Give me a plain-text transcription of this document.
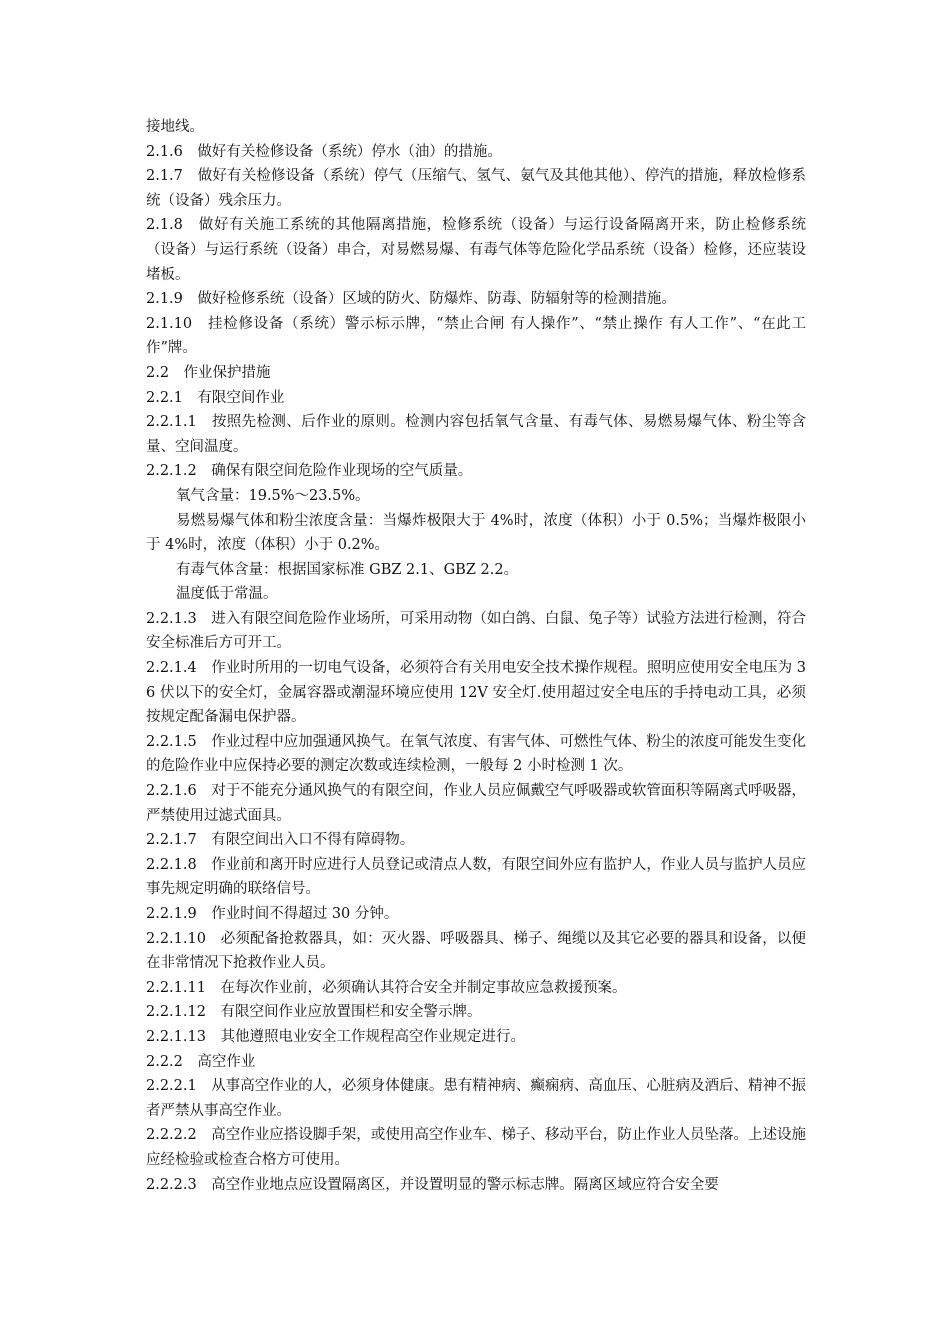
接地线。

2.1.6　做好有关检修设备（系统）停水（油）的措施。

2.1.7　做好有关检修设备（系统）停气（压缩气、氢气、氨气及其他其他）、停汽的措施，释放检修系统（设备）残余压力。

2.1.8　做好有关施工系统的其他隔离措施，检修系统（设备）与运行设备隔离开来，防止检修系统（设备）与运行系统（设备）串合，对易燃易爆、有毒气体等危险化学品系统（设备）检修，还应装设堵板。

2.1.9　做好检修系统（设备）区域的防火、防爆炸、防毒、防辐射等的检测措施。

2.1.10　挂检修设备（系统）警示标示牌，“禁止合闸 有人操作”、“禁止操作 有人工作”、“在此工作”牌。

2.2　作业保护措施

2.2.1　有限空间作业

2.2.1.1　按照先检测、后作业的原则。检测内容包括氧气含量、有毒气体、易燃易爆气体、粉尘等含量、空间温度。

2.2.1.2　确保有限空间危险作业现场的空气质量。

氧气含量：19.5%～23.5%。

易燃易爆气体和粉尘浓度含量：当爆炸极限大于 4%时，浓度（体积）小于 0.5%；当爆炸极限小于 4%时，浓度（体积）小于 0.2%。

有毒气体含量：根据国家标准 GBZ 2.1、GBZ 2.2。

温度低于常温。

2.2.1.3　进入有限空间危险作业场所，可采用动物（如白鸽、白鼠、兔子等）试验方法进行检测，符合安全标准后方可开工。

2.2.1.4　作业时所用的一切电气设备，必须符合有关用电安全技术操作规程。照明应使用安全电压为 36 伏以下的安全灯，金属容器或潮湿环境应使用 12V 安全灯.使用超过安全电压的手持电动工具，必须按规定配备漏电保护器。

2.2.1.5　作业过程中应加强通风换气。在氧气浓度、有害气体、可燃性气体、粉尘的浓度可能发生变化的危险作业中应保持必要的测定次数或连续检测，一般每 2 小时检测 1 次。

2.2.1.6　对于不能充分通风换气的有限空间，作业人员应佩戴空气呼吸器或软管面积等隔离式呼吸器，严禁使用过滤式面具。

2.2.1.7　有限空间出入口不得有障碍物。

2.2.1.8　作业前和离开时应进行人员登记或清点人数，有限空间外应有监护人，作业人员与监护人员应事先规定明确的联络信号。

2.2.1.9　作业时间不得超过 30 分钟。

2.2.1.10　必须配备抢救器具，如：灭火器、呼吸器具、梯子、绳缆以及其它必要的器具和设备，以便在非常情况下抢救作业人员。

2.2.1.11　在每次作业前，必须确认其符合安全并制定事故应急救援预案。

2.2.1.12　有限空间作业应放置围栏和安全警示牌。

2.2.1.13　其他遵照电业安全工作规程高空作业规定进行。

2.2.2　高空作业

2.2.2.1　从事高空作业的人，必须身体健康。患有精神病、癫痫病、高血压、心脏病及酒后、精神不振者严禁从事高空作业。

2.2.2.2　高空作业应搭设脚手架，或使用高空作业车、梯子、移动平台，防止作业人员坠落。上述设施应经检验或检查合格方可使用。

2.2.2.3　高空作业地点应设置隔离区，并设置明显的警示标志牌。隔离区域应符合安全要
